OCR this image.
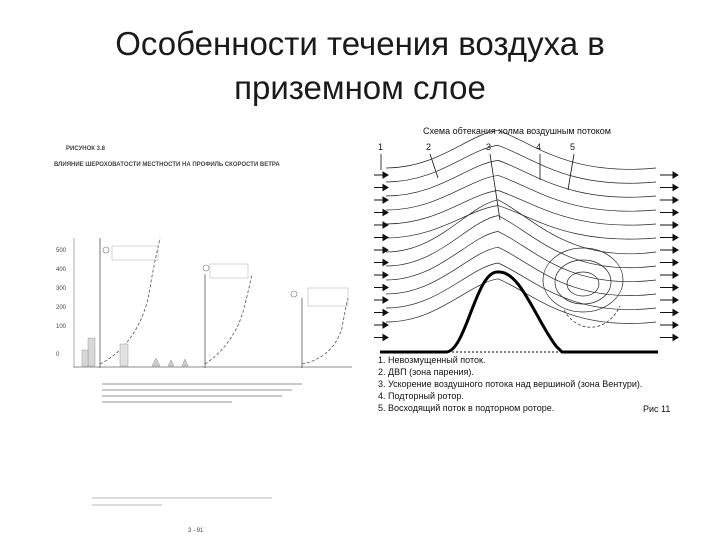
Особенности течения воздуха в
приземном слое
РИСУНОК 3.8
ВЛИЯНИЕ ШЕРОХОВАТОСТИ МЕСТНОСТИ НА ПРОФИЛЬ СКОРОСТИ ВЕТРА
500
400
300
200
100
0
3 - 91
Схема обтекания холма воздушным потоком
1	2	3	4	5
1. Невозмущенный поток.
2. ДВП (зона парения).
3. Ускорение воздушного потока над вершиной (зона Вентури).
4. Подторный ротор.
5. Восходящий поток в подторном роторе.	Рис 11
